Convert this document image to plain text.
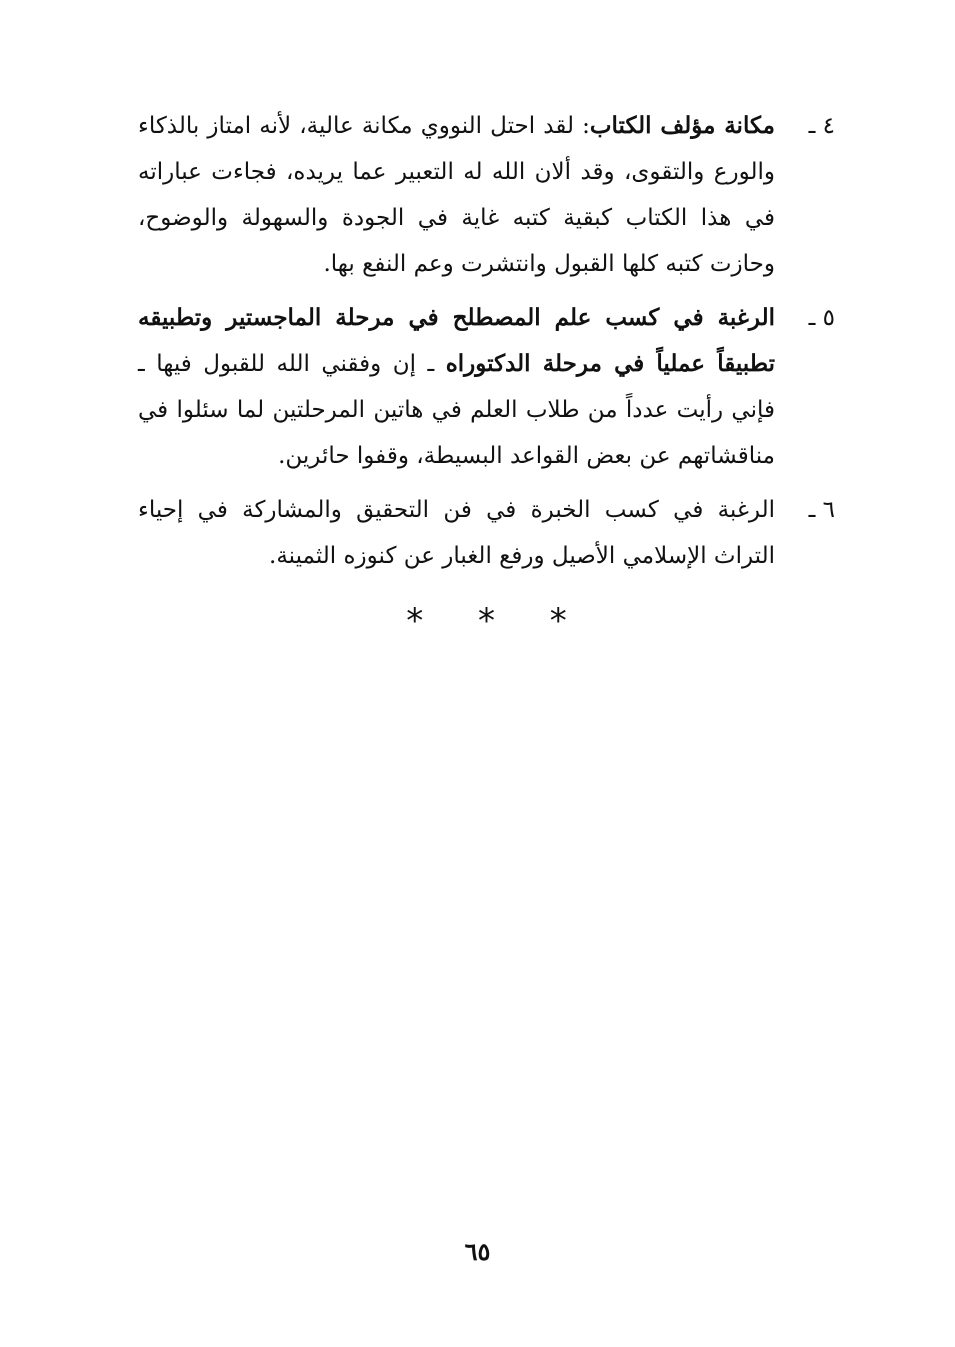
٤ ـ

مكانة مؤلف الكتاب: لقد احتل النووي مكانة عالية، لأنه امتاز بالذكاء والورع والتقوى، وقد ألان الله له التعبير عما يريده، فجاءت عباراته في هذا الكتاب كبقية كتبه غاية في الجودة والسهولة والوضوح، وحازت كتبه كلها القبول وانتشرت وعم النفع بها.

٥ ـ

الرغبة في كسب علم المصطلح في مرحلة الماجستير وتطبيقه تطبيقاً عملياً في مرحلة الدكتوراه ـ إن وفقني الله للقبول فيها ـ فإني رأيت عدداً من طلاب العلم في هاتين المرحلتين لما سئلوا في مناقشاتهم عن بعض القواعد البسيطة، وقفوا حائرين.

٦ ـ

الرغبة في كسب الخبرة في فن التحقيق والمشاركة في إحياء التراث الإسلامي الأصيل ورفع الغبار عن كنوزه الثمينة.

* * *
٦٥
